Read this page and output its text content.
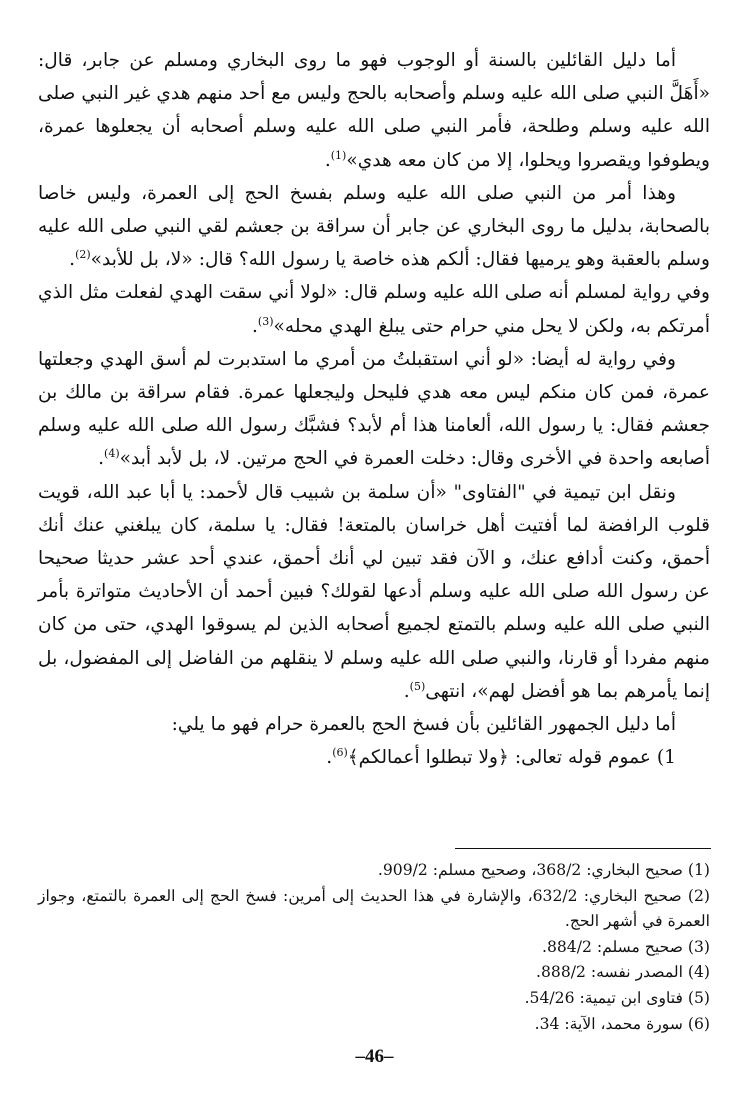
أما دليل القائلين بالسنة أو الوجوب فهو ما روى البخاري ومسلم عن جابر، قال: «أَهَلَّ النبي صلى الله عليه وسلم وأصحابه بالحج وليس مع أحد منهم هدي غير النبي صلى الله عليه وسلم وطلحة، فأمر النبي صلى الله عليه وسلم أصحابه أن يجعلوها عمرة، ويطوفوا ويقصروا ويحلوا، إلا من كان معه هدي»$^{(1)}$.

وهذا أمر من النبي صلى الله عليه وسلم بفسخ الحج إلى العمرة، وليس خاصا بالصحابة، بدليل ما روى البخاري عن جابر أن سراقة بن جعشم لقي النبي صلى الله عليه وسلم بالعقبة وهو يرميها فقال: ألكم هذه خاصة يا رسول الله؟ قال: «لا، بل للأبد»$^{(2)}$.

وفي رواية لمسلم أنه صلى الله عليه وسلم قال: «لولا أني سقت الهدي لفعلت مثل الذي أمرتكم به، ولكن لا يحل مني حرام حتى يبلغ الهدي محله»$^{(3)}$.

وفي رواية له أيضا: «لو أني استقبلتُ من أمري ما استدبرت لم أسق الهدي وجعلتها عمرة، فمن كان منكم ليس معه هدي فليحل وليجعلها عمرة. فقام سراقة بن مالك بن جعشم فقال: يا رسول الله، ألعامنا هذا أم لأبد؟ فشبَّك رسول الله صلى الله عليه وسلم أصابعه واحدة في الأخرى وقال: دخلت العمرة في الحج مرتين. لا، بل لأبد أبد»$^{(4)}$.

ونقل ابن تيمية في "الفتاوى" «أن سلمة بن شبيب قال لأحمد: يا أبا عبد الله، قويت قلوب الرافضة لما أفتيت أهل خراسان بالمتعة! فقال: يا سلمة، كان يبلغني عنك أنك أحمق، وكنت أدافع عنك، و الآن فقد تبين لي أنك أحمق، عندي أحد عشر حديثا صحيحا عن رسول الله صلى الله عليه وسلم أدعها لقولك؟ فبين أحمد أن الأحاديث متواترة بأمر النبي صلى الله عليه وسلم بالتمتع لجميع أصحابه الذين لم يسوقوا الهدي، حتى من كان منهم مفردا أو قارنا، والنبي صلى الله عليه وسلم لا ينقلهم من الفاضل إلى المفضول، بل إنما يأمرهم بما هو أفضل لهم»، انتهى$^{(5)}$.

أما دليل الجمهور القائلين بأن فسخ الحج بالعمرة حرام فهو ما يلي:

1) عموم قوله تعالى: ﴿ولا تبطلوا أعمالكم﴾$^{(6)}$.

(1) صحيح البخاري: 368/2، وصحيح مسلم: 909/2.

(2) صحيح البخاري: 632/2، والإشارة في هذا الحديث إلى أمرين: فسخ الحج إلى العمرة بالتمتع، وجواز العمرة في أشهر الحج.

(3) صحيح مسلم: 884/2.

(4) المصدر نفسه: 888/2.

(5) فتاوى ابن تيمية: 54/26.

(6) سورة محمد، الآية: 34.

–46–
